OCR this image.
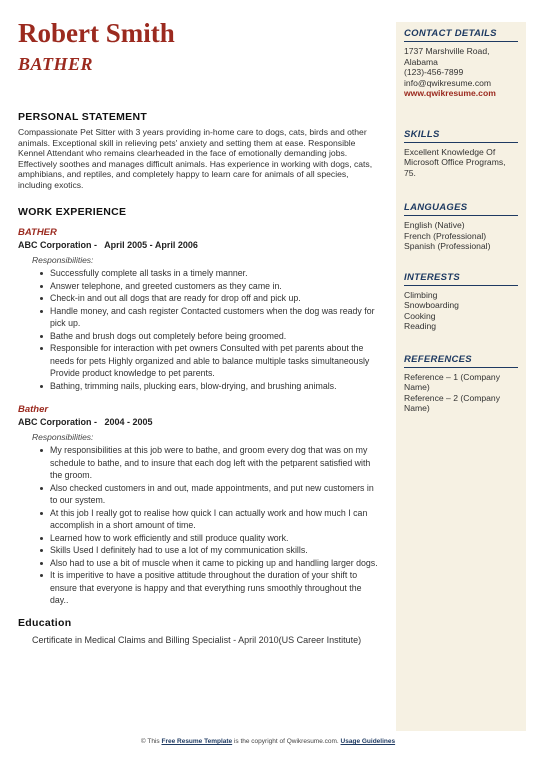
Robert Smith
BATHER
PERSONAL STATEMENT
Compassionate Pet Sitter with 3 years providing in-home care to dogs, cats, birds and other animals. Exceptional skill in relieving pets' anxiety and setting them at ease. Responsible Kennel Attendant who remains clearheaded in the face of emotionally demanding jobs. Effectively soothes and manages difficult animals. Has experience in working with dogs, cats, amphibians, and reptiles, and completely happy to learn care for animals of all species, including exotics.
WORK EXPERIENCE
BATHER
ABC Corporation -   April 2005 - April 2006
Responsibilities:
Successfully complete all tasks in a timely manner.
Answer telephone, and greeted customers as they came in.
Check-in and out all dogs that are ready for drop off and pick up.
Handle money, and cash register Contacted customers when the dog was ready for pick up.
Bathe and brush dogs out completely before being groomed.
Responsible for interaction with pet owners Consulted with pet parents about the needs for pets Highly organized and able to balance multiple tasks simultaneously Provide product knowledge to pet parents.
Bathing, trimming nails, plucking ears, blow-drying, and brushing animals.
Bather
ABC Corporation -   2004 - 2005
Responsibilities:
My responsibilities at this job were to bathe, and groom every dog that was on my schedule to bathe, and to insure that each dog left with the petparent satisfied with the groom.
Also checked customers in and out, made appointments, and put new customers in to our system.
At this job I really got to realise how quick I can actually work and how much I can accomplish in a short amount of time.
Learned how to work efficiently and still produce quality work.
Skills Used I definitely had to use a lot of my communication skills.
Also had to use a bit of muscle when it came to picking up and handling larger dogs.
It is imperitive to have a positive attitude throughout the duration of your shift to ensure that everyone is happy and that everything runs smoothly throughout the day..
Education
Certificate in Medical Claims and Billing Specialist - April 2010(US Career Institute)
CONTACT DETAILS
1737 Marshville Road,
Alabama
(123)-456-7899
info@qwikresume.com
www.qwikresume.com
SKILLS
Excellent Knowledge Of Microsoft Office Programs, 75.
LANGUAGES
English (Native)
French (Professional)
Spanish (Professional)
INTERESTS
Climbing
Snowboarding
Cooking
Reading
REFERENCES
Reference – 1 (Company Name)
Reference – 2 (Company Name)
© This Free Resume Template is the copyright of Qwikresume.com. Usage Guidelines
